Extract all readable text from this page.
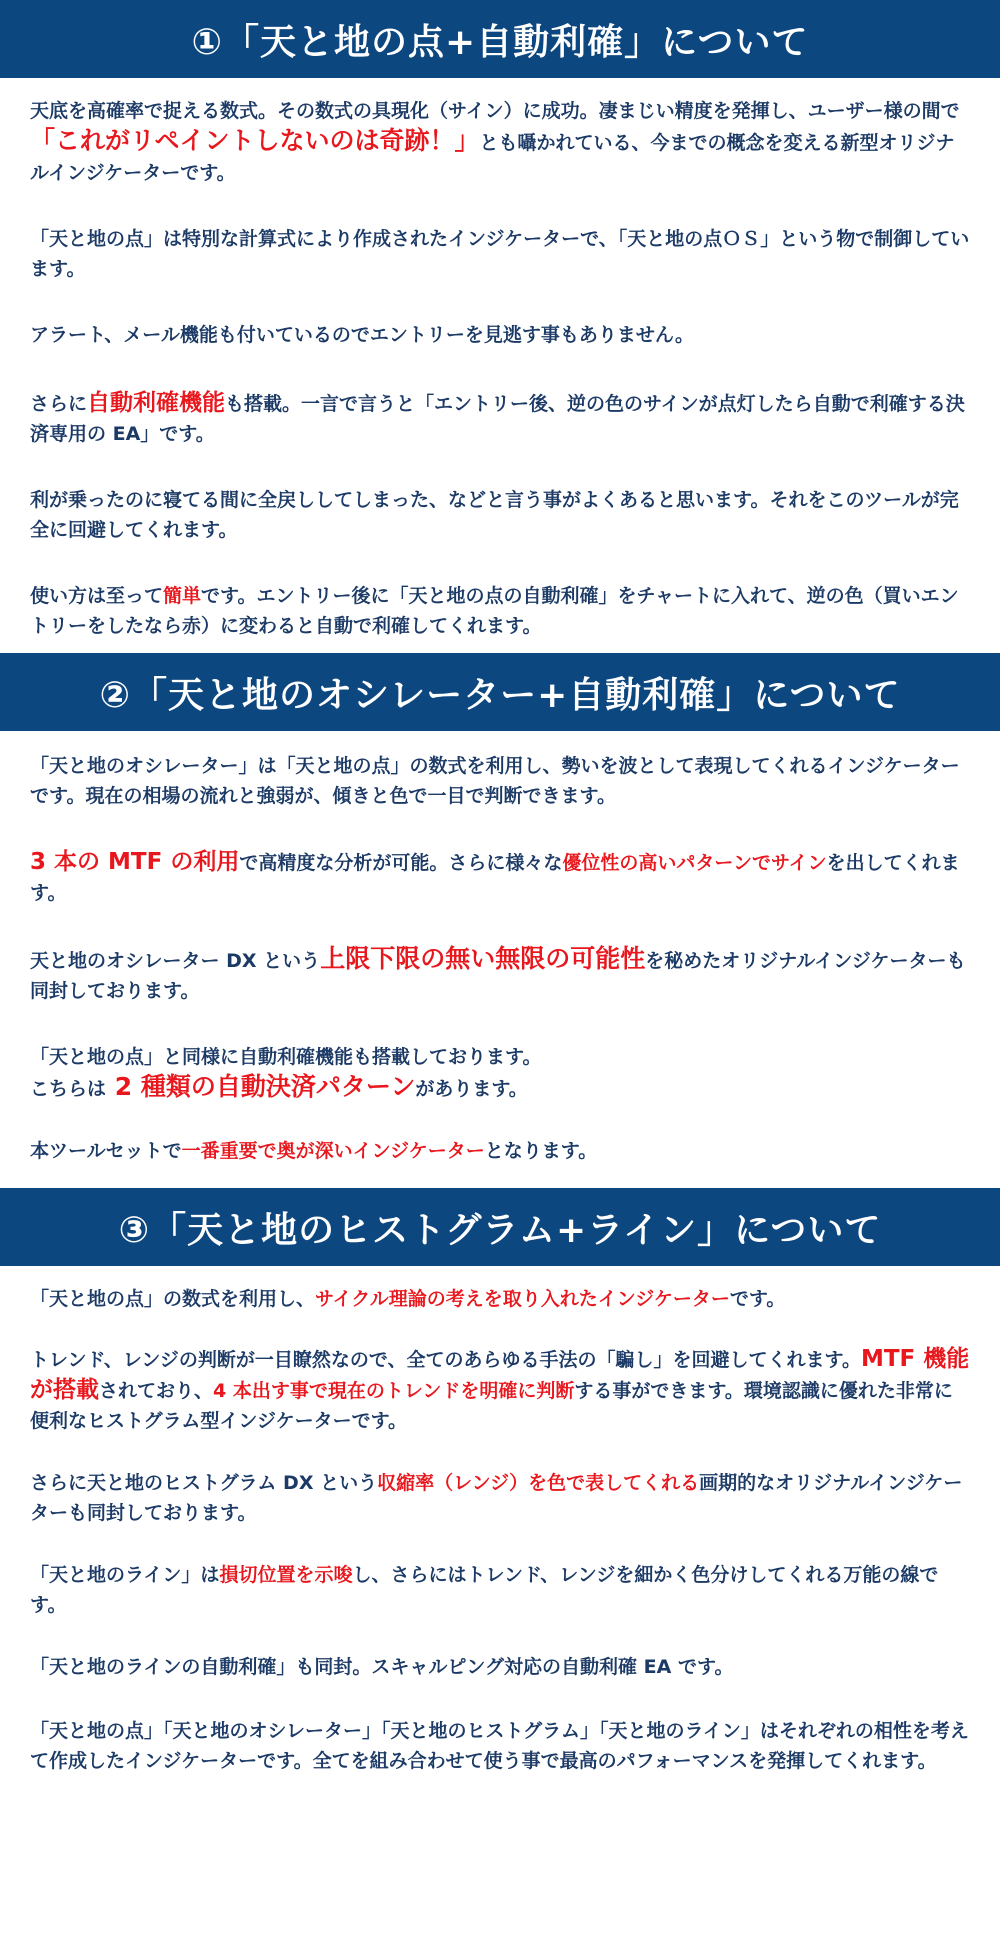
①「天と地の点+自動利確」について

天底を高確率で捉える数式。その数式の具現化（サイン）に成功。凄まじい精度を発揮し、ユーザー様の間で「これがリペイントしないのは奇跡！」とも囁かれている、今までの概念を変える新型オリジナルインジケーターです。

「天と地の点」は特別な計算式により作成されたインジケーターで、「天と地の点ＯＳ」という物で制御しています。

アラート、メール機能も付いているのでエントリーを見逃す事もありません。

さらに自動利確機能も搭載。一言で言うと「エントリー後、逆の色のサインが点灯したら自動で利確する決済専用の EA」です。

利が乗ったのに寝てる間に全戻ししてしまった、などと言う事がよくあると思います。それをこのツールが完全に回避してくれます。

使い方は至って簡単です。エントリー後に「天と地の点の自動利確」をチャートに入れて、逆の色（買いエントリーをしたなら赤）に変わると自動で利確してくれます。

②「天と地のオシレーター+自動利確」について

「天と地のオシレーター」は「天と地の点」の数式を利用し、勢いを波として表現してくれるインジケーターです。現在の相場の流れと強弱が、傾きと色で一目で判断できます。

3 本の MTF の利用で高精度な分析が可能。さらに様々な優位性の高いパターンでサインを出してくれます。

天と地のオシレーター DX という上限下限の無い無限の可能性を秘めたオリジナルインジケーターも同封しております。

「天と地の点」と同様に自動利確機能も搭載しております。
こちらは 2 種類の自動決済パターンがあります。

本ツールセットで一番重要で奥が深いインジケーターとなります。

③「天と地のヒストグラム+ライン」について

「天と地の点」の数式を利用し、サイクル理論の考えを取り入れたインジケーターです。

トレンド、レンジの判断が一目瞭然なので、全てのあらゆる手法の「騙し」を回避してくれます。MTF 機能が搭載されており、4 本出す事で現在のトレンドを明確に判断する事ができます。環境認識に優れた非常に便利なヒストグラム型インジケーターです。

さらに天と地のヒストグラム DX という収縮率（レンジ）を色で表してくれる画期的なオリジナルインジケーターも同封しております。

「天と地のライン」は損切位置を示唆し、さらにはトレンド、レンジを細かく色分けしてくれる万能の線です。

「天と地のラインの自動利確」も同封。スキャルピング対応の自動利確 EA です。

「天と地の点」「天と地のオシレーター」「天と地のヒストグラム」「天と地のライン」はそれぞれの相性を考えて作成したインジケーターです。全てを組み合わせて使う事で最高のパフォーマンスを発揮してくれます。
